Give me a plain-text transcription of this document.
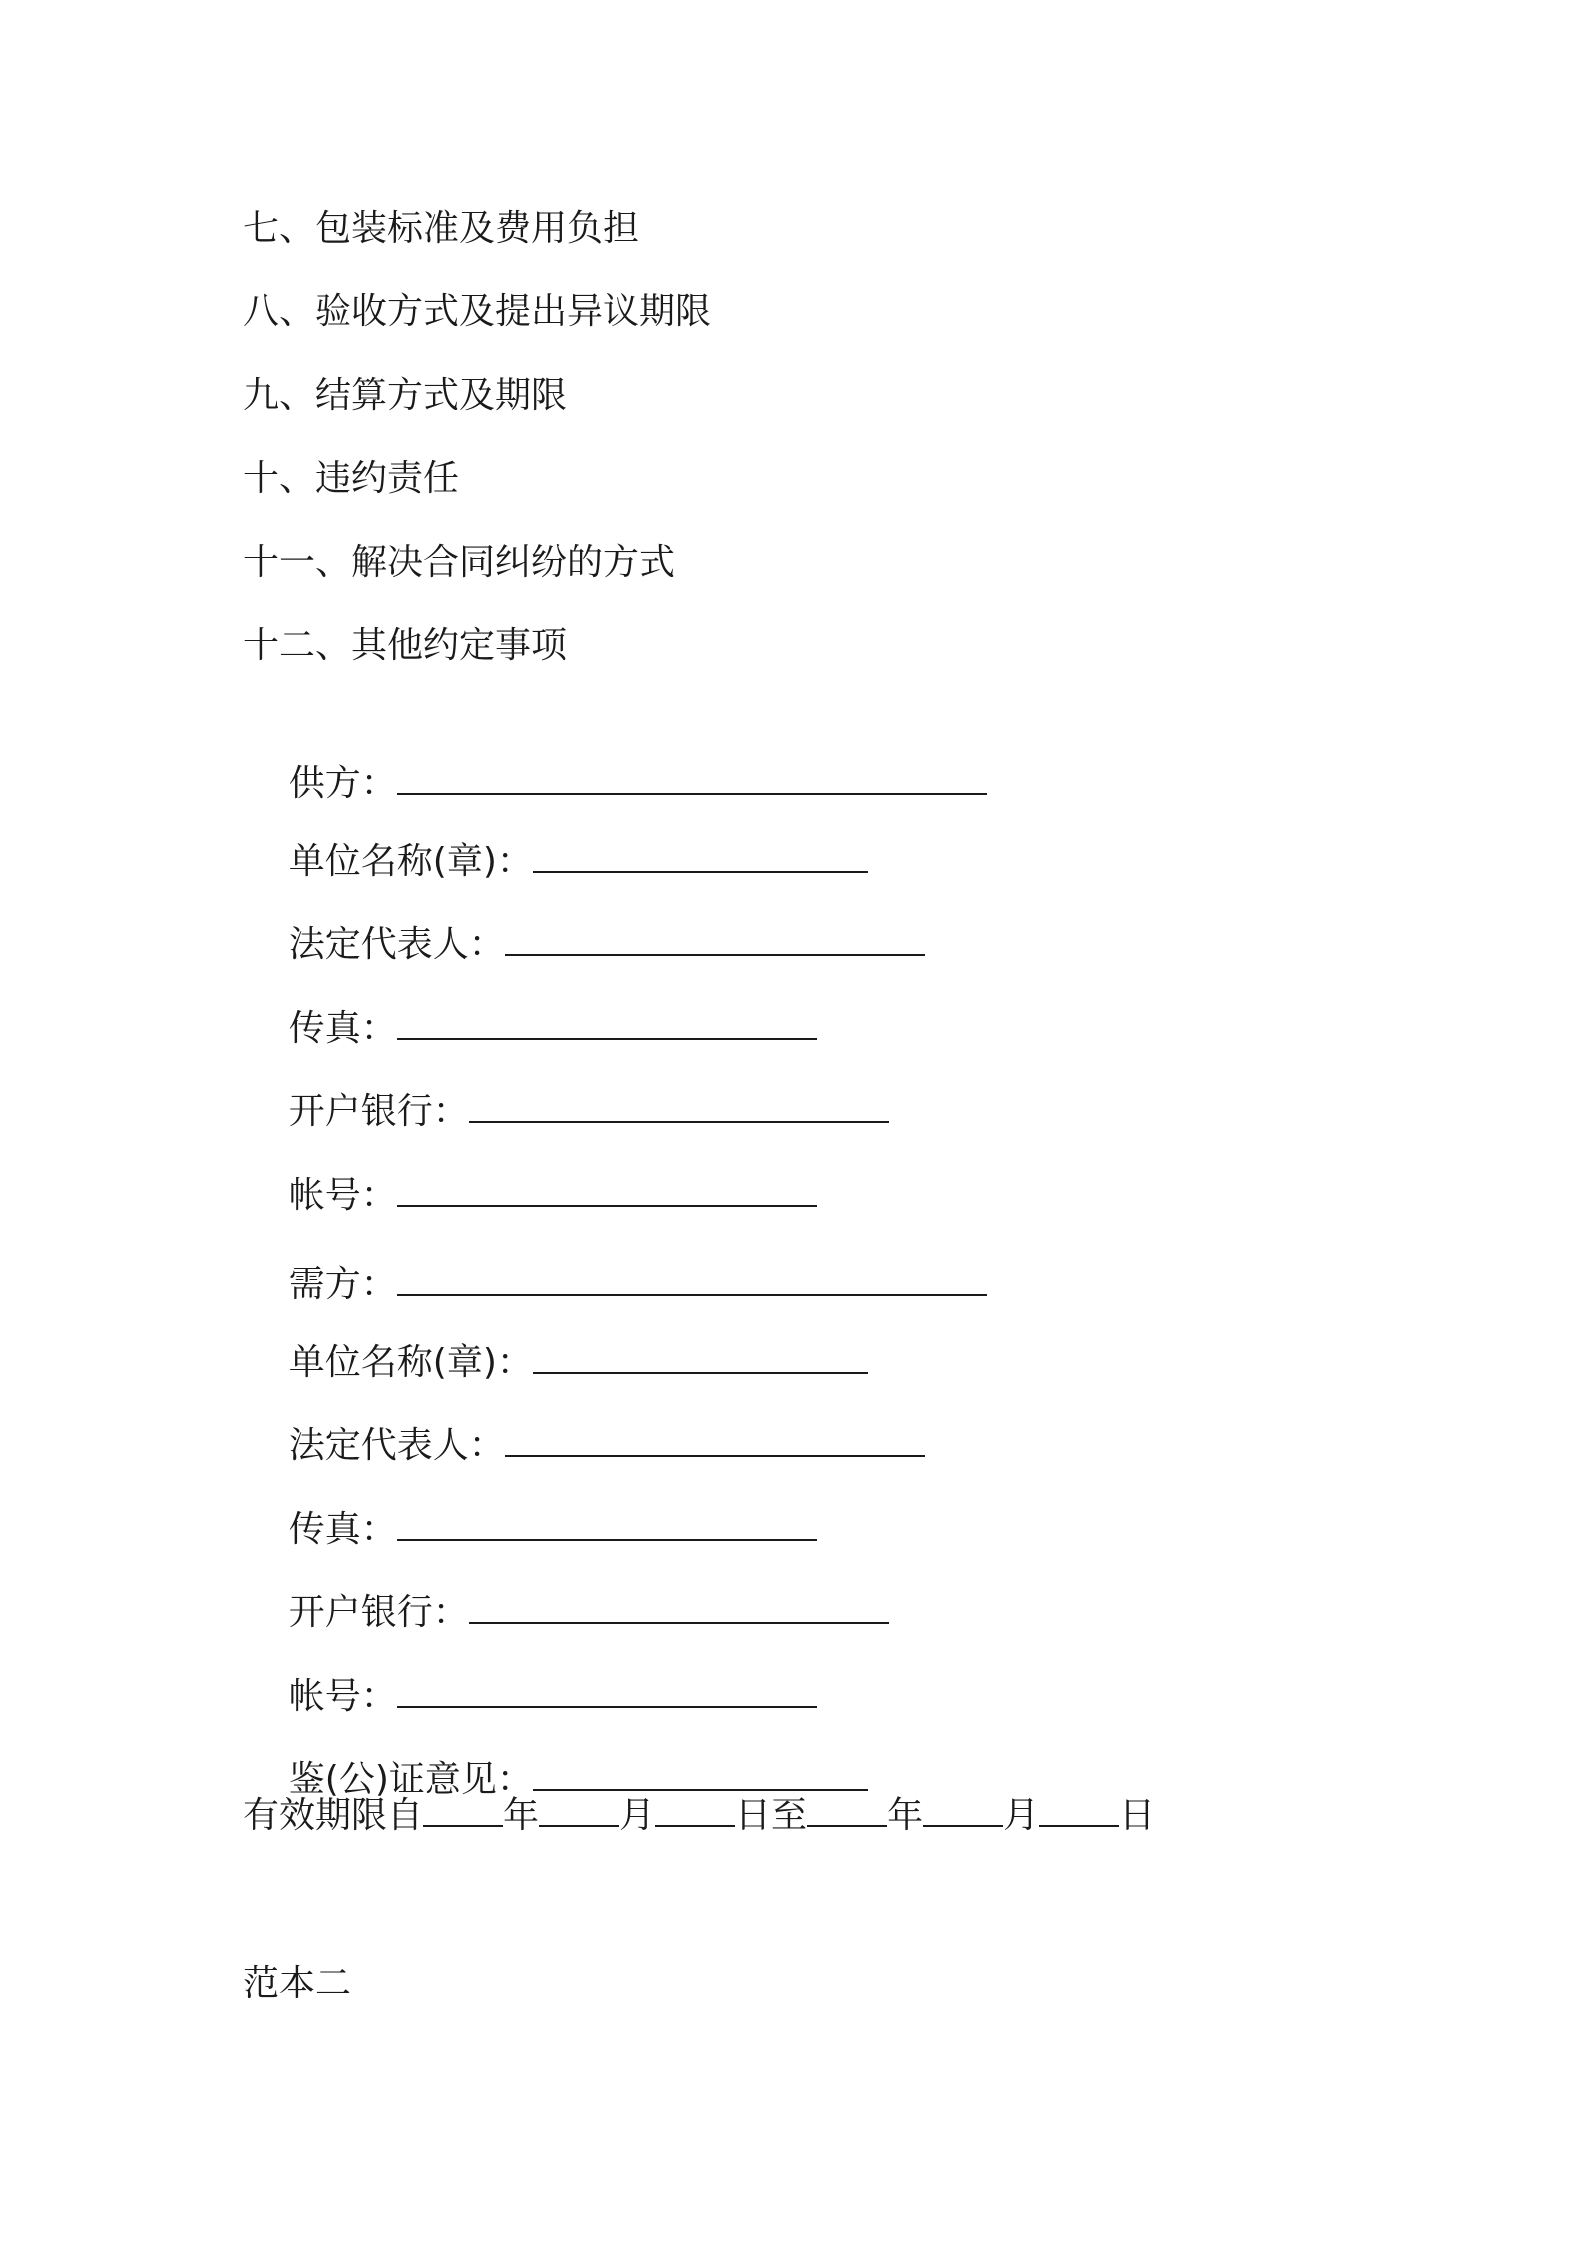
七、包装标准及费用负担
八、验收方式及提出异议期限
九、结算方式及期限
十、违约责任
十一、解决合同纠纷的方式
十二、其他约定事项

供方：

单位名称(章)：

法定代表人：

传真：

开户银行：

帐号：

需方：

单位名称(章)：

法定代表人：

传真：

开户银行：

帐号：

鉴(公)证意见：

有效期限自 年 月 日至 年 月 日
范本二
